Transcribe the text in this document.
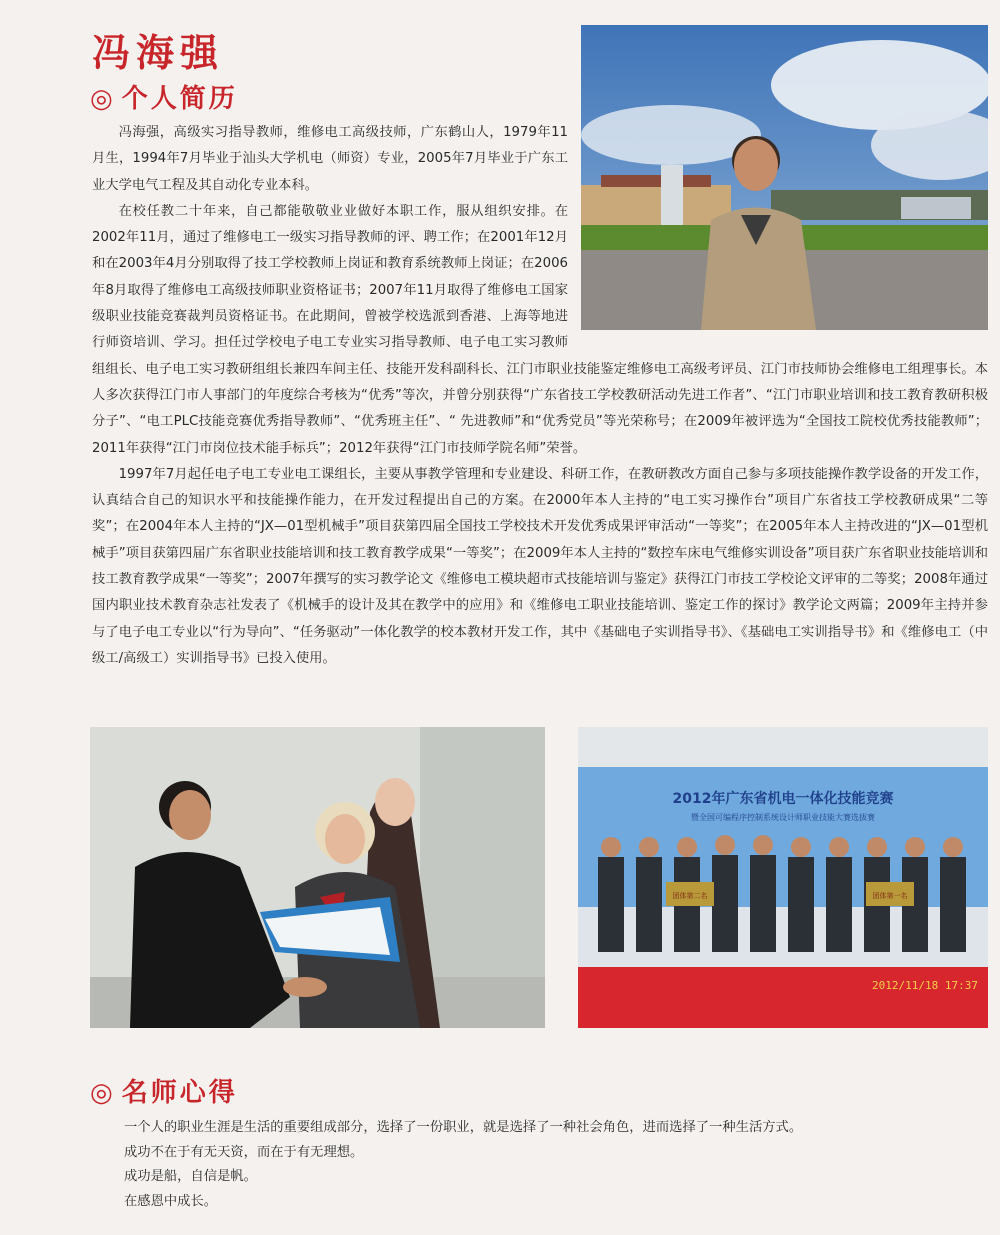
冯海强
◎ 个人简历

冯海强，高级实习指导教师，维修电工高级技师，广东鹤山人，1979年11月生，1994年7月毕业于汕头大学机电（师资）专业，2005年7月毕业于广东工业大学电气工程及其自动化专业本科。

在校任教二十年来，自己都能敬敬业业做好本职工作，服从组织安排。在2002年11月，通过了维修电工一级实习指导教师的评、聘工作；在2001年12月和在2003年4月分别取得了技工学校教师上岗证和教育系统教师上岗证；在2006年8月取得了维修电工高级技师职业资格证书；2007年11月取得了维修电工国家级职业技能竞赛裁判员资格证书。在此期间，曾被学校选派到香港、上海等地进行师资培训、学习。担任过学校电子电工专业实习指导教师、电子电工实习教师组组长、电子电工实习教研组组长兼四车间主任、技能开发科副科长、江门市职业技能鉴定维修电工高级考评员、江门市技师协会维修电工组理事长。本人多次获得江门市人事部门的年度综合考核为“优秀”等次，并曾分别获得“广东省技工学校教研活动先进工作者”、“江门市职业培训和技工教育教研积极分子”、“电工PLC技能竞赛优秀指导教师”、“优秀班主任”、“ 先进教师”和“优秀党员”等光荣称号；在2009年被评选为“全国技工院校优秀技能教师”；2011年获得“江门市岗位技术能手标兵”；2012年获得“江门市技师学院名师”荣誉。

1997年7月起任电子电工专业电工课组长，主要从事教学管理和专业建设、科研工作，在教研教改方面自己参与多项技能操作教学设备的开发工作，认真结合自己的知识水平和技能操作能力，在开发过程提出自己的方案。在2000年本人主持的“电工实习操作台”项目广东省技工学校教研成果“二等奖”；在2004年本人主持的“JX—01型机械手”项目获第四届全国技工学校技术开发优秀成果评审活动“一等奖”；在2005年本人主持改进的“JX—01型机械手”项目获第四届广东省职业技能培训和技工教育教学成果“一等奖”；在2009年本人主持的“数控车床电气维修实训设备”项目获广东省职业技能培训和技工教育教学成果“一等奖”；2007年撰写的实习教学论文《维修电工模块超市式技能培训与鉴定》获得江门市技工学校论文评审的二等奖；2008年通过国内职业技术教育杂志社发表了《机械手的设计及其在教学中的应用》和《维修电工职业技能培训、鉴定工作的探讨》教学论文两篇；2009年主持并参与了电子电工专业以“行为导向”、“任务驱动”一体化教学的校本教材开发工作，其中《基础电子实训指导书》、《基础电工实训指导书》和《维修电工（中级工/高级工）实训指导书》已投入使用。

2012年广东省机电一体化技能竞赛
暨全国可编程序控制系统设计师职业技能大赛选拔赛
团体第二名	团体第一名
2012/11/18 17:37
◎ 名师心得
一个人的职业生涯是生活的重要组成部分，选择了一份职业，就是选择了一种社会角色，进而选择了一种生活方式。
成功不在于有无天资，而在于有无理想。
成功是船，自信是帆。
在感恩中成长。
